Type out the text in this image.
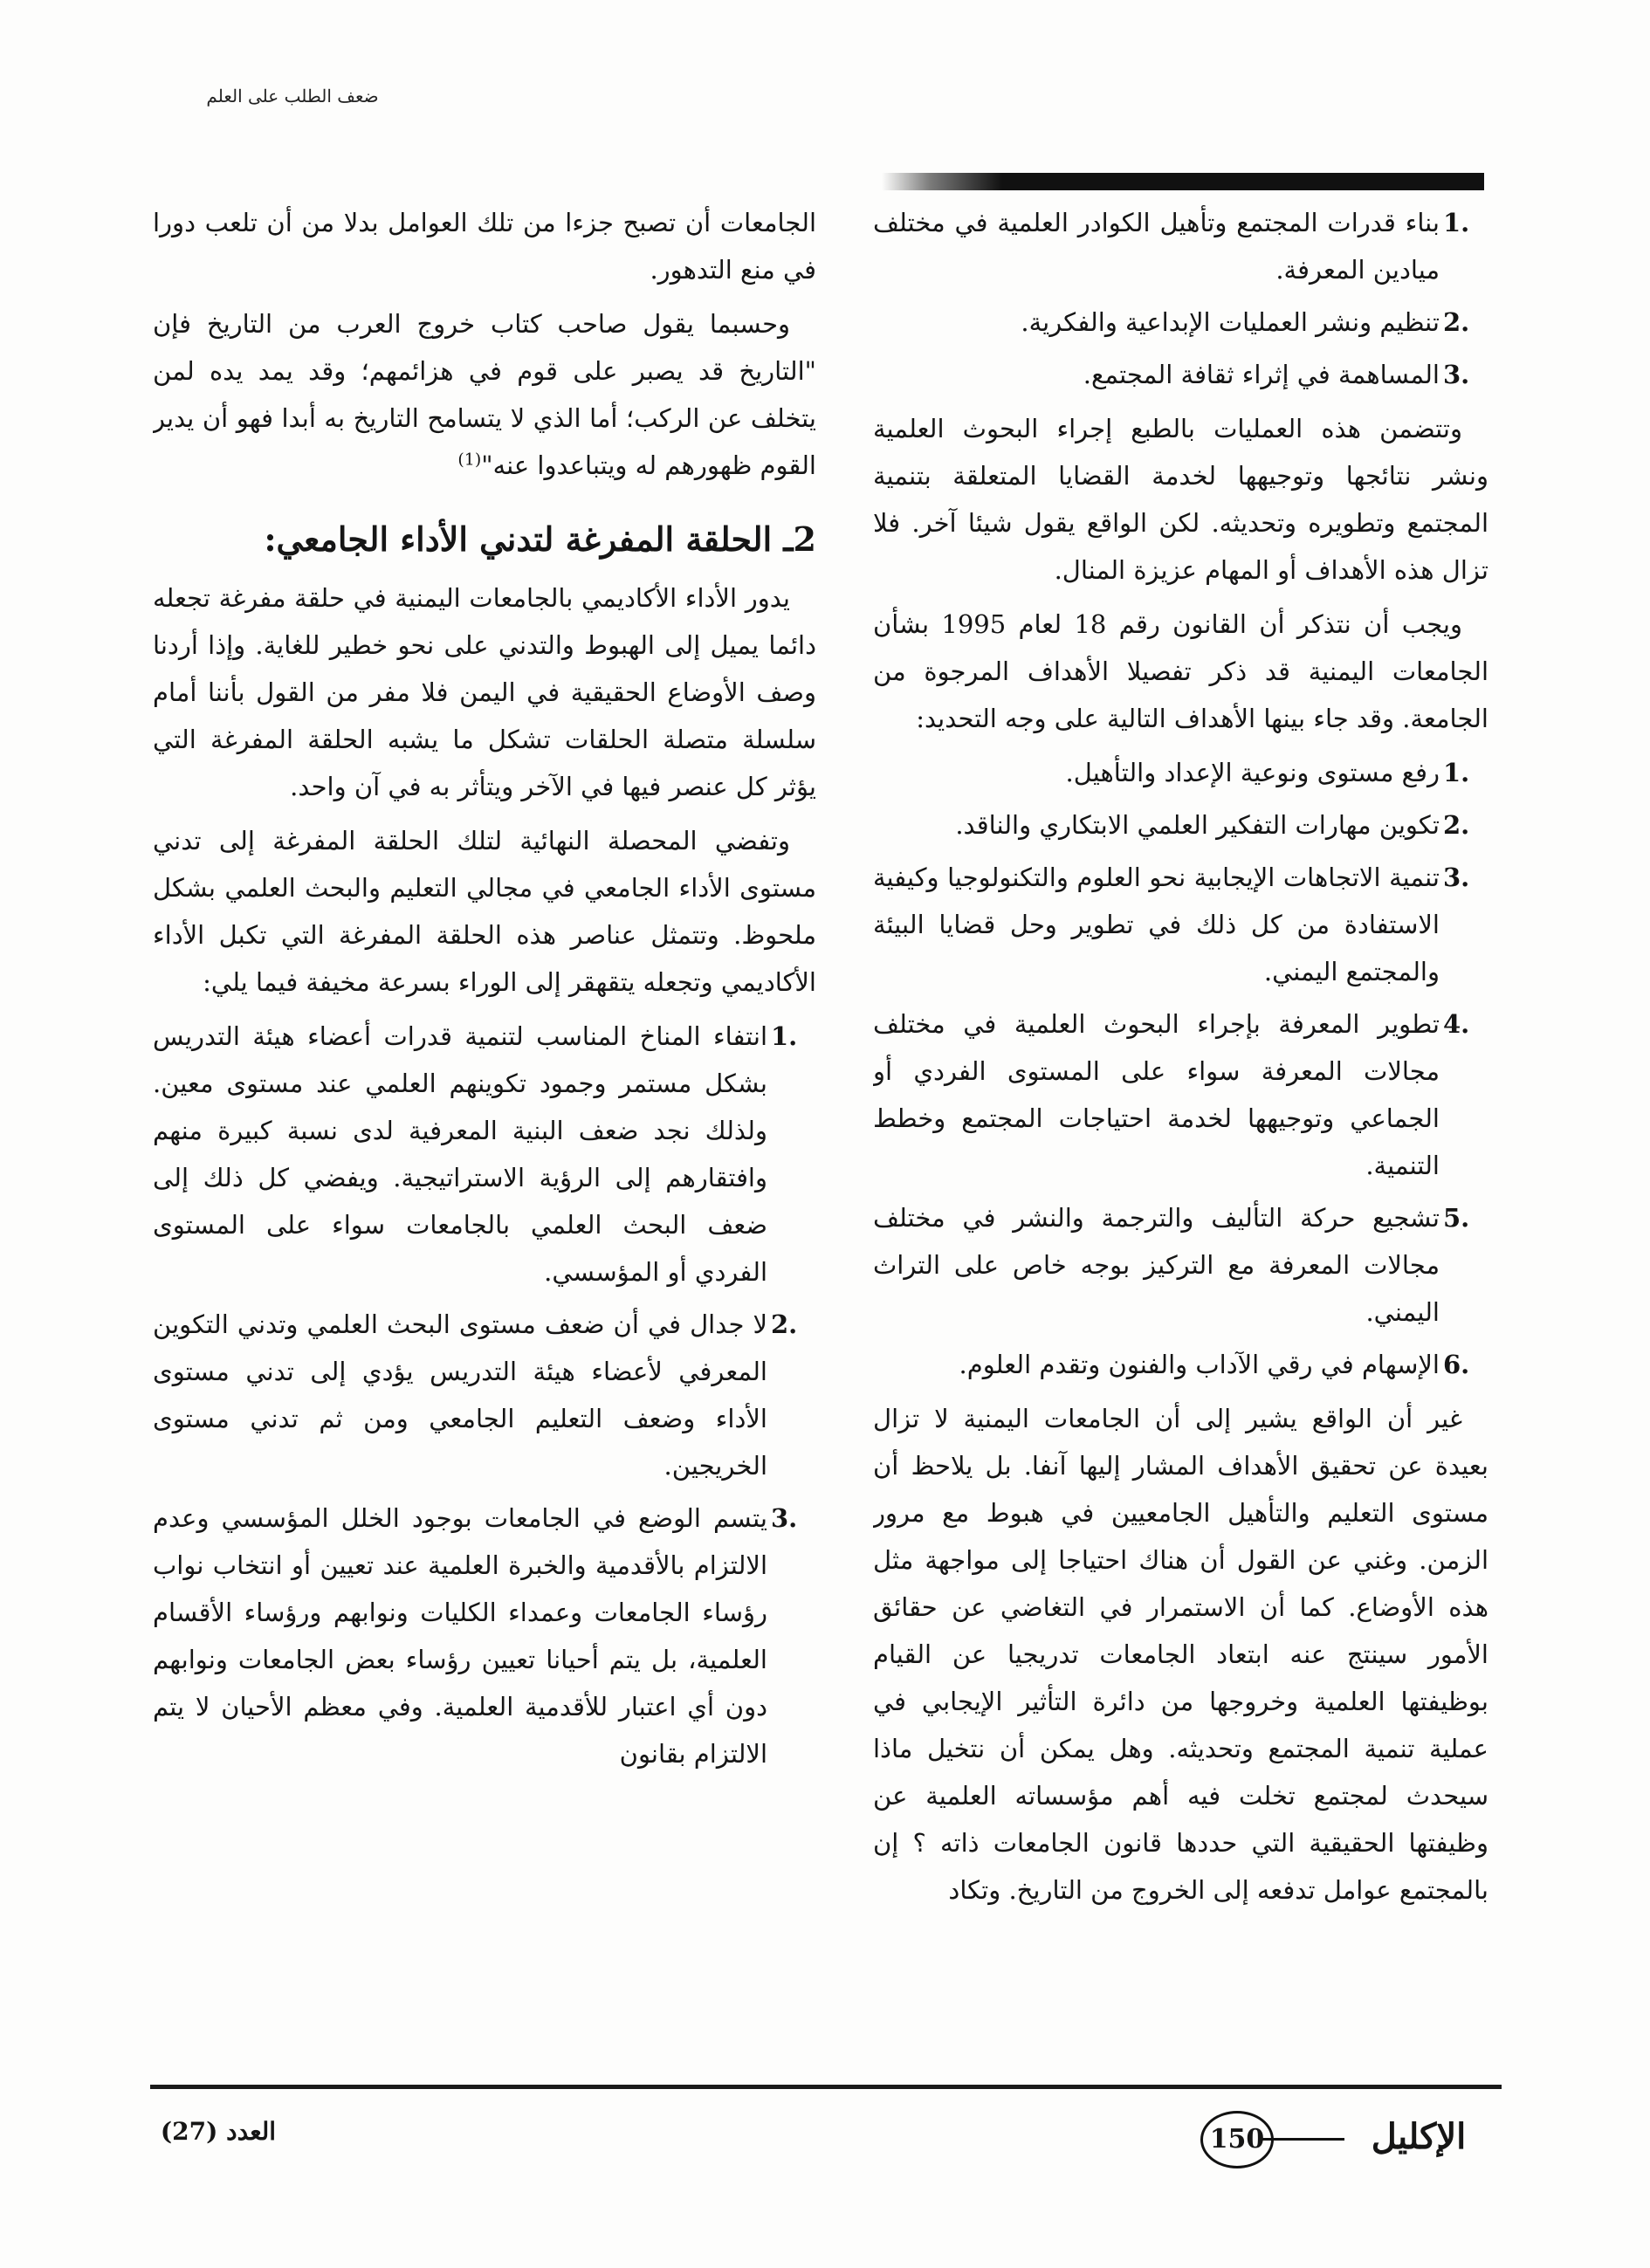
ضعف الطلب على العلم
1.
بناء قدرات المجتمع وتأهيل الكوادر العلمية في مختلف ميادين المعرفة.
2.
تنظيم ونشر العمليات الإبداعية والفكرية.
3.
المساهمة في إثراء ثقافة المجتمع.

وتتضمن هذه العمليات بالطبع إجراء البحوث العلمية ونشر نتائجها وتوجيهها لخدمة القضايا المتعلقة بتنمية المجتمع وتطويره وتحديثه. لكن الواقع يقول شيئا آخر. فلا تزال هذه الأهداف أو المهام عزيزة المنال.

ويجب أن نتذكر أن القانون رقم 18 لعام 1995 بشأن الجامعات اليمنية قد ذكر تفصيلا الأهداف المرجوة من الجامعة. وقد جاء بينها الأهداف التالية على وجه التحديد:

1.
رفع مستوى ونوعية الإعداد والتأهيل.
2.
تكوين مهارات التفكير العلمي الابتكاري والناقد.
3.
تنمية الاتجاهات الإيجابية نحو العلوم والتكنولوجيا وكيفية الاستفادة من كل ذلك في تطوير وحل قضايا البيئة والمجتمع اليمني.
4.
تطوير المعرفة بإجراء البحوث العلمية في مختلف مجالات المعرفة سواء على المستوى الفردي أو الجماعي وتوجيهها لخدمة احتياجات المجتمع وخطط التنمية.
5.
تشجيع حركة التأليف والترجمة والنشر في مختلف مجالات المعرفة مع التركيز بوجه خاص على التراث اليمني.
6.
الإسهام في رقي الآداب والفنون وتقدم العلوم.

غير أن الواقع يشير إلى أن الجامعات اليمنية لا تزال بعيدة عن تحقيق الأهداف المشار إليها آنفا. بل يلاحظ أن مستوى التعليم والتأهيل الجامعيين في هبوط مع مرور الزمن. وغني عن القول أن هناك احتياجا إلى مواجهة مثل هذه الأوضاع. كما أن الاستمرار في التغاضي عن حقائق الأمور سينتج عنه ابتعاد الجامعات تدريجيا عن القيام بوظيفتها العلمية وخروجها من دائرة التأثير الإيجابي في عملية تنمية المجتمع وتحديثه. وهل يمكن أن نتخيل ماذا سيحدث لمجتمع تخلت فيه أهم مؤسساته العلمية عن وظيفتها الحقيقية التي حددها قانون الجامعات ذاته ؟ إن بالمجتمع عوامل تدفعه إلى الخروج من التاريخ. وتكاد

الجامعات أن تصبح جزءا من تلك العوامل بدلا من أن تلعب دورا في منع التدهور.

وحسبما يقول صاحب كتاب خروج العرب من التاريخ فإن "التاريخ قد يصبر على قوم في هزائمهم؛ وقد يمد يده لمن يتخلف عن الركب؛ أما الذي لا يتسامح التاريخ به أبدا فهو أن يدير القوم ظهورهم له ويتباعدوا عنه"$^{(1)}$

2ـ الحلقة المفرغة لتدني الأداء الجامعي:

يدور الأداء الأكاديمي بالجامعات اليمنية في حلقة مفرغة تجعله دائما يميل إلى الهبوط والتدني على نحو خطير للغاية. وإذا أردنا وصف الأوضاع الحقيقية في اليمن فلا مفر من القول بأننا أمام سلسلة متصلة الحلقات تشكل ما يشبه الحلقة المفرغة التي يؤثر كل عنصر فيها في الآخر ويتأثر به في آن واحد.

وتفضي المحصلة النهائية لتلك الحلقة المفرغة إلى تدني مستوى الأداء الجامعي في مجالي التعليم والبحث العلمي بشكل ملحوظ. وتتمثل عناصر هذه الحلقة المفرغة التي تكبل الأداء الأكاديمي وتجعله يتقهقر إلى الوراء بسرعة مخيفة فيما يلي:

1.
انتفاء المناخ المناسب لتنمية قدرات أعضاء هيئة التدريس بشكل مستمر وجمود تكوينهم العلمي عند مستوى معين. ولذلك نجد ضعف البنية المعرفية لدى نسبة كبيرة منهم وافتقارهم إلى الرؤية الاستراتيجية. ويفضي كل ذلك إلى ضعف البحث العلمي بالجامعات سواء على المستوى الفردي أو المؤسسي.
2.
لا جدال في أن ضعف مستوى البحث العلمي وتدني التكوين المعرفي لأعضاء هيئة التدريس يؤدي إلى تدني مستوى الأداء وضعف التعليم الجامعي ومن ثم تدني مستوى الخريجين.
3.
يتسم الوضع في الجامعات بوجود الخلل المؤسسي وعدم الالتزام بالأقدمية والخبرة العلمية عند تعيين أو انتخاب نواب رؤساء الجامعات وعمداء الكليات ونوابهم ورؤساء الأقسام العلمية، بل يتم أحيانا تعيين رؤساء بعض الجامعات ونوابهم دون أي اعتبار للأقدمية العلمية. وفي معظم الأحيان لا يتم الالتزام بقانون
الإكليل
150
العدد (27)
